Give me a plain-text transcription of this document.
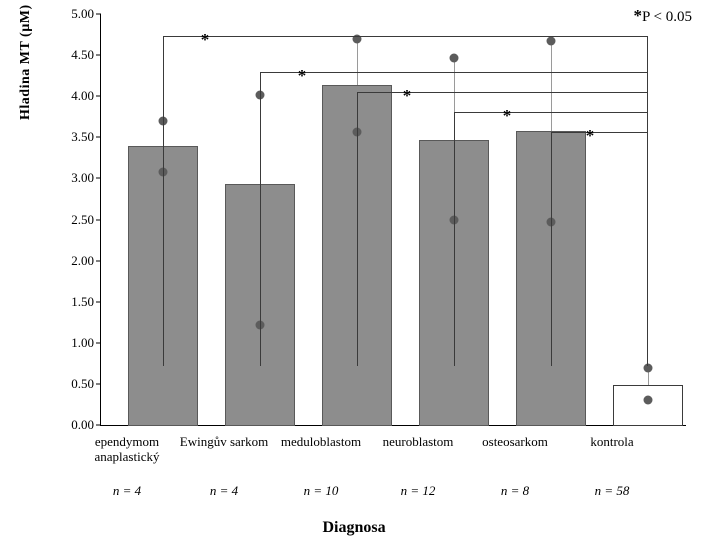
*P < 0.05
Hladina MT (µM)
0.00
0.50
1.00
1.50
2.00
2.50
3.00
3.50
4.00
4.50
5.00
*
*
*
*
*
ependymom
anaplastický
Ewingův sarkom meduloblastom	neuroblastom	osteosarkom	kontrola
n = 4	n = 4	n = 10	n = 12	n = 8	n = 58
Diagnosa
